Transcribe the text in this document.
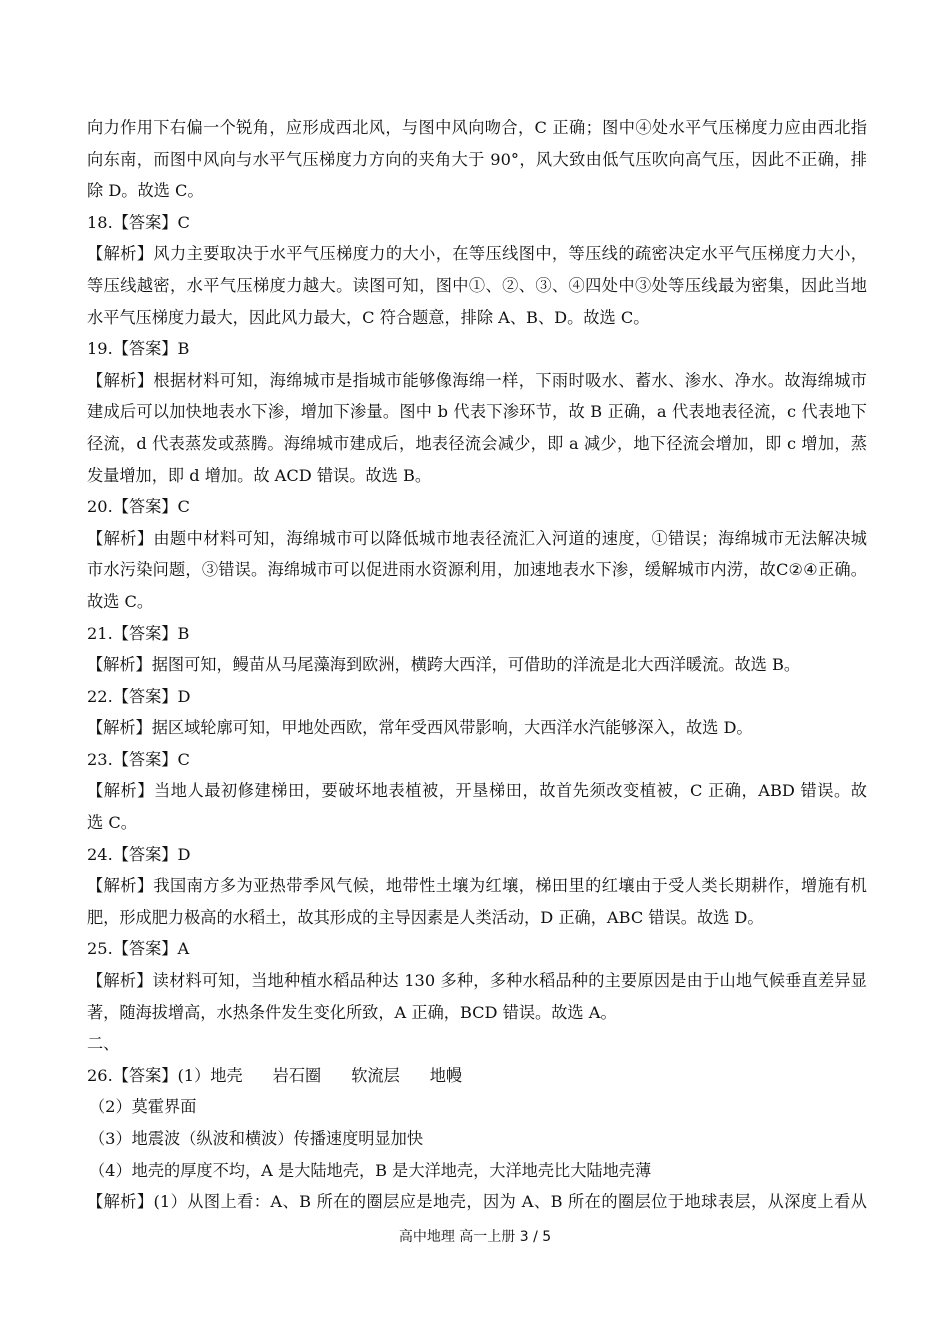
向力作用下右偏一个锐角，应形成西北风，与图中风向吻合，C 正确；图中④处水平气压梯度力应由西北指
向东南，而图中风向与水平气压梯度力方向的夹角大于 90°，风大致由低气压吹向高气压，因此不正确，排
除 D。故选 C。
18.【答案】C
【解析】风力主要取决于水平气压梯度力的大小，在等压线图中，等压线的疏密决定水平气压梯度力大小，
等压线越密，水平气压梯度力越大。读图可知，图中①、②、③、④四处中③处等压线最为密集，因此当地
水平气压梯度力最大，因此风力最大，C 符合题意，排除 A、B、D。故选 C。
19.【答案】B
【解析】根据材料可知，海绵城市是指城市能够像海绵一样，下雨时吸水、蓄水、渗水、净水。故海绵城市
建成后可以加快地表水下渗，增加下渗量。图中 b 代表下渗环节，故 B 正确，a 代表地表径流，c 代表地下
径流，d 代表蒸发或蒸腾。海绵城市建成后，地表径流会减少，即 a 减少，地下径流会增加，即 c 增加，蒸
发量增加，即 d 增加。故 ACD 错误。故选 B。
20.【答案】C
【解析】由题中材料可知，海绵城市可以降低城市地表径流汇入河道的速度，①错误；海绵城市无法解决城
市水污染问题，③错误。海绵城市可以促进雨水资源利用，加速地表水下渗，缓解城市内涝，故C②④正确。
故选 C。
21.【答案】B
【解析】据图可知，鳗苗从马尾藻海到欧洲，横跨大西洋，可借助的洋流是北大西洋暖流。故选 B。
22.【答案】D
【解析】据区域轮廓可知，甲地处西欧，常年受西风带影响，大西洋水汽能够深入，故选 D。
23.【答案】C
【解析】当地人最初修建梯田，要破坏地表植被，开垦梯田，故首先须改变植被，C 正确，ABD 错误。故
选 C。
24.【答案】D
【解析】我国南方多为亚热带季风气候，地带性土壤为红壤，梯田里的红壤由于受人类长期耕作，增施有机
肥，形成肥力极高的水稻土，故其形成的主导因素是人类活动，D 正确，ABC 错误。故选 D。
25.【答案】A
【解析】读材料可知，当地种植水稻品种达 130 多种，多种水稻品种的主要原因是由于山地气候垂直差异显
著，随海拔增高，水热条件发生变化所致，A 正确，BCD 错误。故选 A。
二、
26.【答案】(1）地壳 岩石圈 软流层 地幔
（2）莫霍界面
（3）地震波（纵波和横波）传播速度明显加快
（4）地壳的厚度不均，A 是大陆地壳，B 是大洋地壳，大洋地壳比大陆地壳薄
【解析】(1）从图上看：A、B 所在的圈层应是地壳，因为 A、B 所在的圈层位于地球表层，从深度上看从
高中地理 高一上册 3 / 5
